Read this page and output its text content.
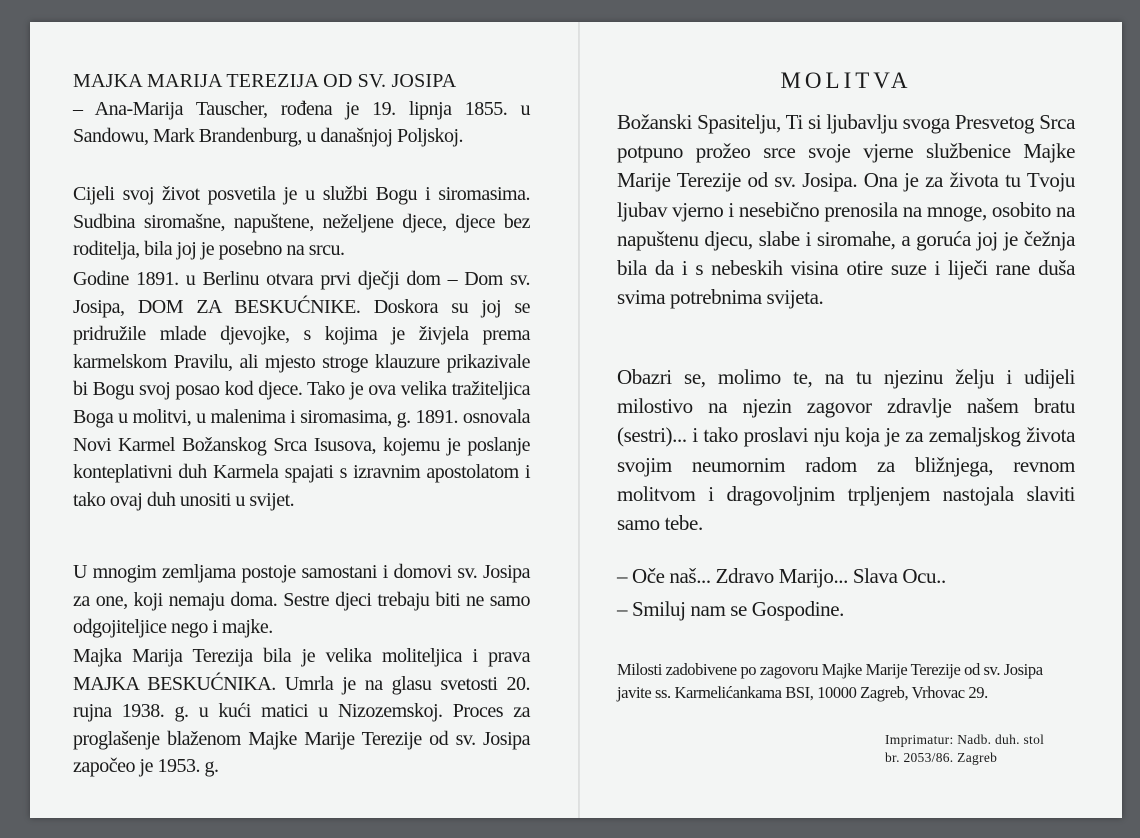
MAJKA MARIJA TEREZIJA OD SV. JOSIPA
– Ana-Marija Tauscher, rođena je 19. lipnja 1855. u Sandowu, Mark Brandenburg, u današnjoj Poljskoj.

Cijeli svoj život posvetila je u službi Bogu i siromasima. Sudbina siromašne, napuštene, neželjene djece, djece bez roditelja, bila joj je posebno na srcu.

Godine 1891. u Berlinu otvara prvi dječji dom – Dom sv. Josipa, DOM ZA BESKUĆNIKE. Doskora su joj se pridružile mlade djevojke, s kojima je živjela prema karmelskom Pravilu, ali mjesto stroge klauzure prikazivale bi Bogu svoj posao kod djece. Tako je ova velika tražiteljica Boga u molitvi, u malenima i siromasima, g. 1891. osnovala Novi Karmel Božanskog Srca Isusova, kojemu je poslanje konteplativni duh Karmela spajati s izravnim apostolatom i tako ovaj duh unositi u svijet.

U mnogim zemljama postoje samostani i domovi sv. Josipa za one, koji nemaju doma. Sestre djeci trebaju biti ne samo odgojiteljice nego i majke.

Majka Marija Terezija bila je velika moliteljica i prava MAJKA BESKUĆNIKA. Umrla je na glasu svetosti 20. rujna 1938. g. u kući matici u Nizozemskoj. Proces za proglašenje blaženom Majke Marije Terezije od sv. Josipa započeo je 1953. g.

MOLITVA

Božanski Spasitelju, Ti si ljubavlju svoga Presvetog Srca potpuno prožeo srce svoje vjerne službenice Majke Marije Terezije od sv. Josipa. Ona je za života tu Tvoju ljubav vjerno i nesebično prenosila na mnoge, osobito na napuštenu djecu, slabe i siromahe, a goruća joj je čežnja bila da i s nebeskih visina otire suze i liječi rane duša svima potrebnima svijeta.

Obazri se, molimo te, na tu njezinu želju i udijeli milostivo na njezin zagovor zdravlje našem bratu (sestri)... i tako proslavi nju koja je za zemaljskog života svojim neumornim radom za bližnjega, revnom molitvom i dragovoljnim trpljenjem nastojala slaviti samo tebe.

– Oče naš... Zdravo Marijo... Slava Ocu..

– Smiluj nam se Gospodine.

Milosti zadobivene po zagovoru Majke Marije Terezije od sv. Josipa javite ss. Karmelićankama BSI, 10000 Zagreb, Vrhovac 29.
Imprimatur: Nadb. duh. stol
br. 2053/86. Zagreb
